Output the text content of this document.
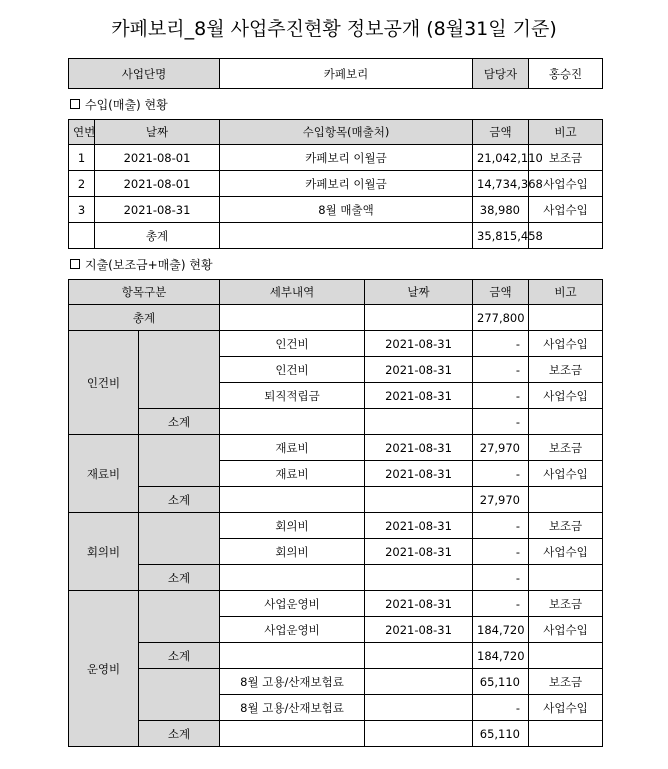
카페보리_8월 사업추진현황 정보공개 (8월31일 기준)
사업단명	카페보리	담당자	홍승진
수입(매출) 현황
연번	날짜	수입항목(매출처)	금액	비고
1	2021-08-01	카페보리 이월금	21,042,110	보조금
2	2021-08-01	카페보리 이월금	14,734,368	사업수입
3	2021-08-31	8월 매출액	38,980	사업수입
	총계		35,815,458	
지출(보조금+매출) 현황
항목구분		세부내역	날짜	금액	비고
총계				277,800	
인건비		인건비	2021-08-31	-	사업수입
		인건비	2021-08-31	-	보조금
		퇴직적립금	2021-08-31	-	사업수입
	소계			-	
재료비		재료비	2021-08-31	27,970	보조금
		재료비	2021-08-31	-	사업수입
	소계			27,970	
회의비		회의비	2021-08-31	-	보조금
		회의비	2021-08-31	-	사업수입
	소계			-	
운영비		사업운영비	2021-08-31	-	보조금
		사업운영비	2021-08-31	184,720	사업수입
	소계			184,720	
		8월 고용/산재보험료		65,110	보조금
		8월 고용/산재보험료		-	사업수입
	소계			65,110	
